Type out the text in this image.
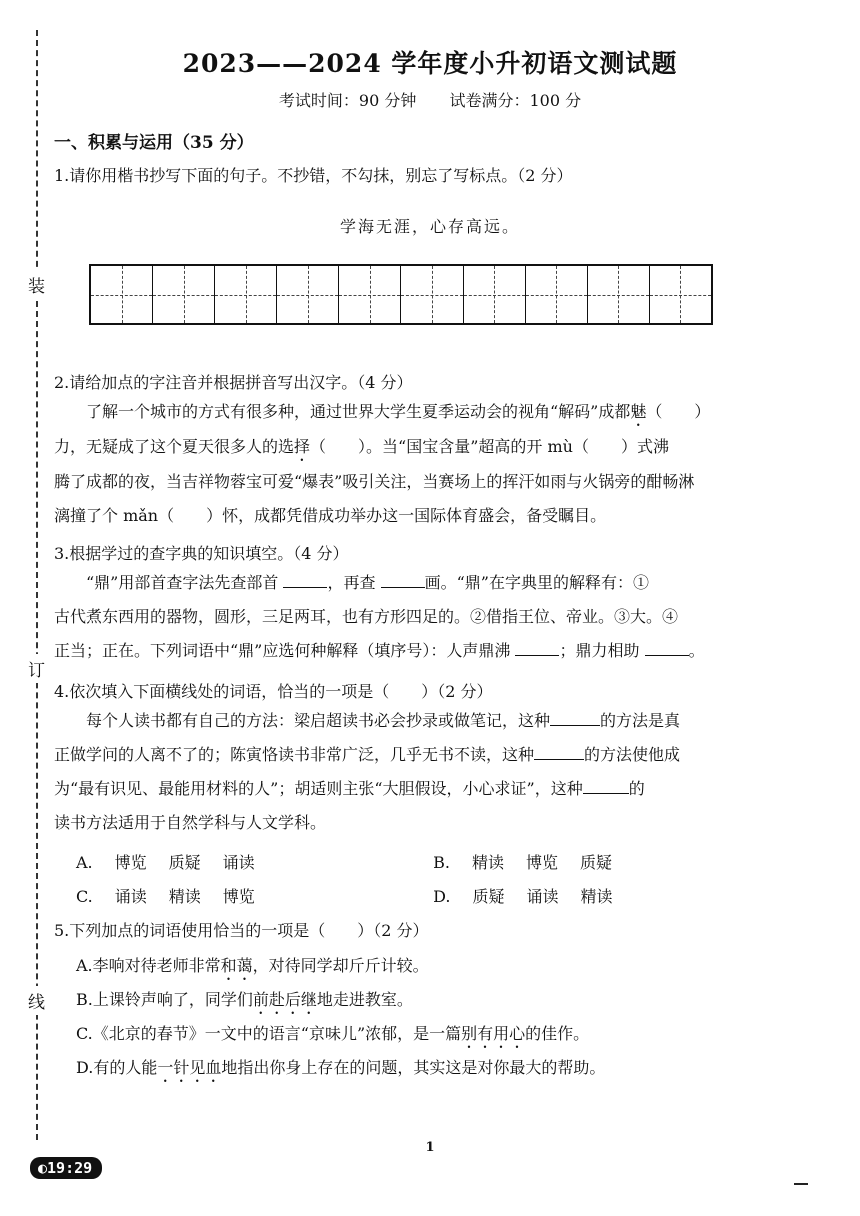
装
订
线
2023——2024 学年度小升初语文测试题
考试时间：90 分钟 试卷满分：100 分
一、积累与运用（35 分）
1.请你用楷书抄写下面的句子。不抄错，不勾抹，别忘了写标点。（2 分）
学海无涯，心存高远。
2.请给加点的字注音并根据拼音写出汉字。（4 分）
了解一个城市的方式有很多种，通过世界大学生夏季运动会的视角“解码”成都魅（　　）
力，无疑成了这个夏天很多人的选择（　　）。当“国宝含量”超高的开 mù（　　）式沸
腾了成都的夜，当吉祥物蓉宝可爱“爆表”吸引关注，当赛场上的挥汗如雨与火锅旁的酣畅淋
漓撞了个 mǎn（　　）怀，成都凭借成功举办这一国际体育盛会，备受瞩目。
3.根据学过的查字典的知识填空。（4 分）
“鼎”用部首查字法先查部首	，再查	画。“鼎”在字典里的解释有：①
古代煮东西用的器物，圆形，三足两耳，也有方形四足的。②借指王位、帝业。③大。④
正当；正在。下列词语中“鼎”应选何种解释（填序号）：人声鼎沸	；鼎力相助	。
4.依次填入下面横线处的词语，恰当的一项是（　　）（2 分）
每个人读书都有自己的方法：梁启超读书必会抄录或做笔记，这种	的方法是真
正做学问的人离不了的；陈寅恪读书非常广泛，几乎无书不读，这种	的方法使他成
为“最有识见、最能用材料的人”；胡适则主张“大胆假设，小心求证”，这种	的
读书方法适用于自然学科与人文学科。
A. 博览 质疑 诵读	B. 精读 博览 质疑
C. 诵读 精读 博览	D. 质疑 诵读 精读
5.下列加点的词语使用恰当的一项是（　　）（2 分）
A.李响对待老师非常和蔼，对待同学却斤斤计较。
B.上课铃声响了，同学们前赴后继地走进教室。
C.《北京的春节》一文中的语言“京味儿”浓郁，是一篇别有用心的佳作。
D.有的人能一针见血地指出你身上存在的问题，其实这是对你最大的帮助。
1
◐19:29
